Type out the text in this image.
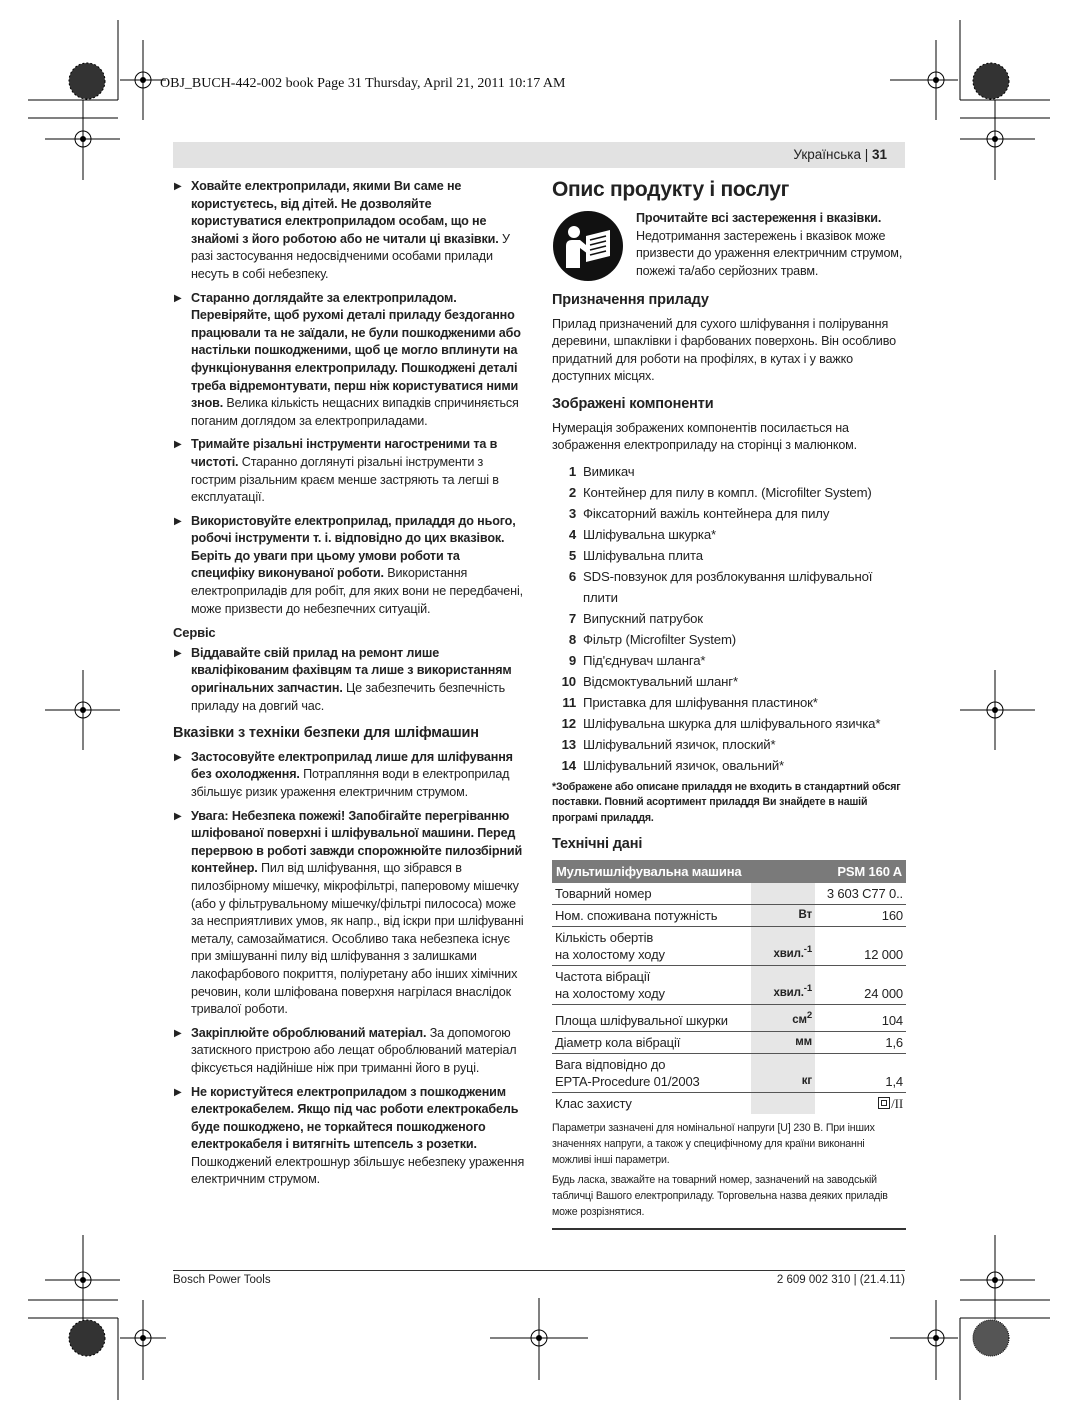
OBJ_BUCH-442-002 book Page 31 Thursday, April 21, 2011 10:17 AM
Українська | 31
▶ Ховайте електроприлади, якими Ви саме не користуєтесь, від дітей. Не дозволяйте користуватися електроприладом особам, що не знайомі з його роботою або не читали ці вказівки. У разі застосування недосвідченими особами прилади несуть в собі небезпеку.
▶ Старанно доглядайте за електроприладом. Перевіряйте, щоб рухомі деталі приладу бездоганно працювали та не заїдали, не були пошкодженими або настільки пошкодженими, щоб це могло вплинути на функціонування електроприладу. Пошкоджені деталі треба відремонтувати, перш ніж користуватися ними знов. Велика кількість нещасних випадків спричиняється поганим доглядом за електроприладами.
▶ Тримайте різальні інструменти нагостреними та в чистоті. Старанно доглянуті різальні інструменти з гострим різальним краєм менше застряють та легші в експлуатації.
▶ Використовуйте електроприлад, приладдя до нього, робочі інструменти т. і. відповідно до цих вказівок. Беріть до уваги при цьому умови роботи та специфіку виконуваної роботи. Використання електроприладів для робіт, для яких вони не передбачені, може призвести до небезпечних ситуацій.
Сервіс
▶ Віддавайте свій прилад на ремонт лише кваліфікованим фахівцям та лише з використанням оригінальних запчастин. Це забезпечить безпечність приладу на довгий час.
Вказівки з техніки безпеки для шліфмашин
▶ Застосовуйте електроприлад лише для шліфування без охолодження. Потрапляння води в електроприлад збільшує ризик ураження електричним струмом.
▶ Увага: Небезпека пожежі! Запобігайте перегріванню шліфованої поверхні і шліфувальної машини. Перед перервою в роботі завжди спорожнюйте пилозбірний контейнер. Пил від шліфування, що зібрався в пилозбірному мішечку, мікрофільтрі, паперовому мішечку (або у фільтрувальному мішечку/фільтрі пилососа) може за несприятливих умов, як напр., від іскри при шліфуванні металу, самозайматися. Особливо така небезпека існує при змішуванні пилу від шліфування з залишками лакофарбового покриття, поліуретану або інших хімічних речовин, коли шліфована поверхня нагрілася внаслідок тривалої роботи.
▶ Закріплюйте оброблюваний матеріал. За допомогою затискного пристрою або лещат оброблюваний матеріал фіксується надійніше ніж при триманні його в руці.
▶ Не користуйтеся електроприладом з пошкодженим електрокабелем. Якщо під час роботи електрокабель буде пошкоджено, не торкайтеся пошкодженого електрокабеля і витягніть штепсель з розетки. Пошкоджений електрошнур збільшує небезпеку ураження електричним струмом.
Опис продукту і послуг
Прочитайте всі застереження і вказівки. Недотримання застережень і вказівок може призвести до ураження електричним струмом, пожежі та/або серйозних травм.
Призначення приладу

Прилад призначений для сухого шліфування і полірування деревини, шпаклівки і фарбованих поверхонь. Він особливо придатний для роботи на профілях, в кутах і у важко доступних місцях.

Зображені компоненти

Нумерація зображених компонентів посилається на зображення електроприладу на сторінці з малюнком.

1 Вимикач
2 Контейнер для пилу в компл. (Microfilter System)
3 Фіксаторний важіль контейнера для пилу
4 Шліфувальна шкурка*
5 Шліфувальна плита
6 SDS-повзунок для розблокування шліфувальної плити
7 Випускний патрубок
8 Фільтр (Microfilter System)
9 Під'єднувач шланга*
10 Відсмоктувальний шланг*
11 Приставка для шліфування пластинок*
12 Шліфувальна шкурка для шліфувального язичка*
13 Шліфувальний язичок, плоский*
14 Шліфувальний язичок, овальний*
*Зображене або описане приладдя не входить в стандартний обсяг поставки. Повний асортимент приладдя Ви знайдете в нашій програмі приладдя.
Технічні дані
Мультишліфувальна машина		PSM 160 A
Товарний номер		3 603 C77 0..
Ном. споживана потужність	Вт	160

Кількість обертів
на холостому ходу	хвил.$^{-1}$	12 000

Частота вібрації
на холостому ходу	хвил.$^{-1}$	24 000
Площа шліфувальної шкурки	$см^2$	104
Діаметр кола вібрації	мм	1,6

Вага відповідно до
EPTA-Procedure 01/2003	кг	1,4
Клас захисту		/II

Параметри зазначені для номінальної напруги [U] 230 В. При інших значеннях напруги, а також у специфічному для країни виконанні можливі інші параметри.

Будь ласка, зважайте на товарний номер, зазначений на заводській табличці Вашого електроприладу. Торговельна назва деяких приладів може розрізнятися.

Bosch Power Tools	2 609 002 310 | (21.4.11)
